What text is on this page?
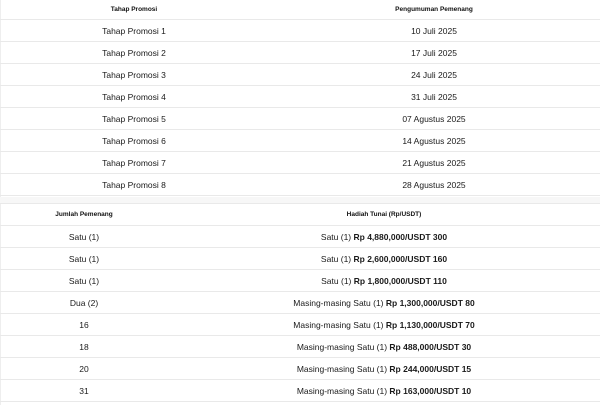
Tahap Promosi	Pengumuman Pemenang
Tahap Promosi 1	10 Juli 2025
Tahap Promosi 2	17 Juli 2025
Tahap Promosi 3	24 Juli 2025
Tahap Promosi 4	31 Juli 2025
Tahap Promosi 5	07 Agustus 2025
Tahap Promosi 6	14 Agustus 2025
Tahap Promosi 7	21 Agustus 2025
Tahap Promosi 8	28 Agustus 2025
Jumlah Pemenang	Hadiah Tunai (Rp/USDT)
Satu (1)	Satu (1) Rp 4,880,000/USDT 300
Satu (1)	Satu (1) Rp 2,600,000/USDT 160
Satu (1)	Satu (1) Rp 1,800,000/USDT 110
Dua (2)	Masing-masing Satu (1) Rp 1,300,000/USDT 80
16	Masing-masing Satu (1) Rp 1,130,000/USDT 70
18	Masing-masing Satu (1) Rp 488,000/USDT 30
20	Masing-masing Satu (1) Rp 244,000/USDT 15
31	Masing-masing Satu (1) Rp 163,000/USDT 10
